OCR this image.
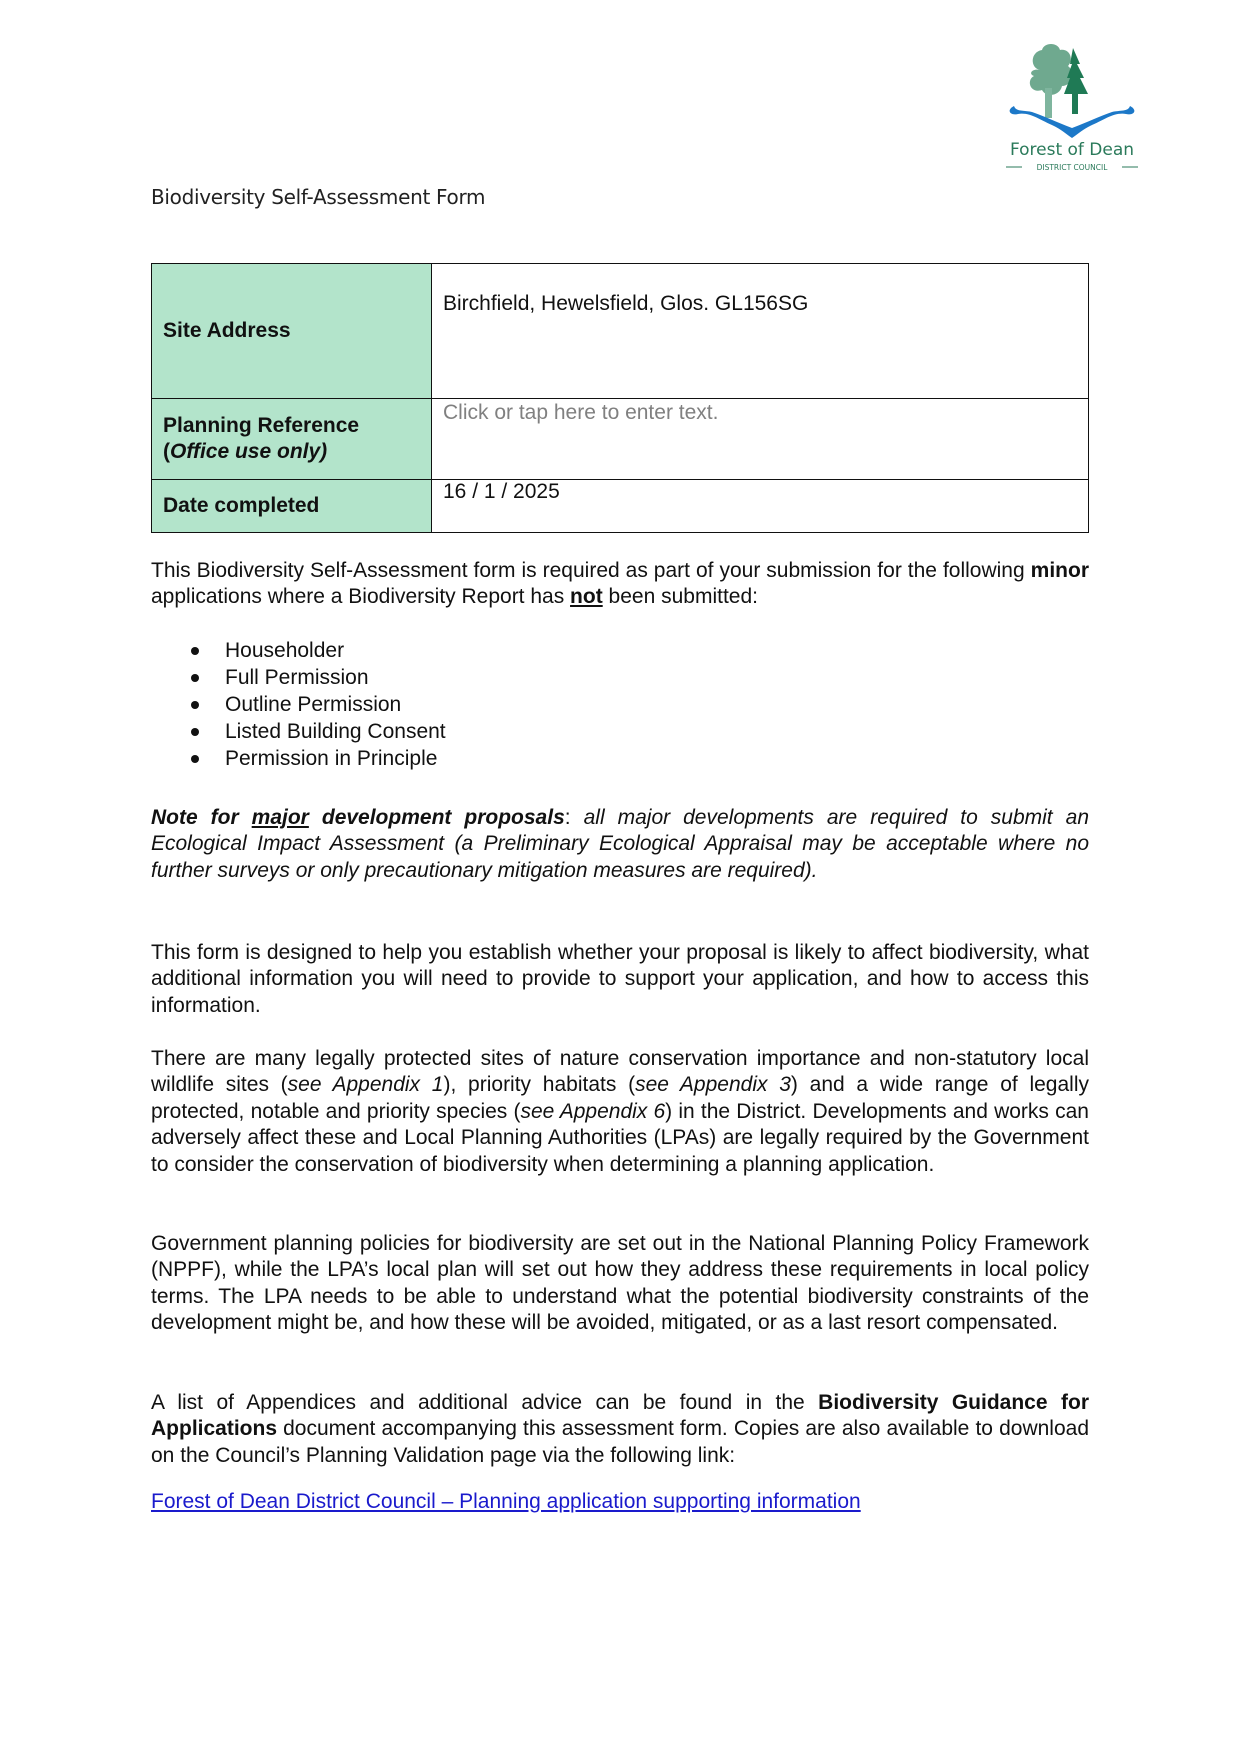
Forest of Dean
DISTRICT COUNCIL
Biodiversity Self-Assessment Form
Site Address	Birchfield, Hewelsfield, Glos. GL156SG
Planning Reference
(Office use only)	Click or tap here to enter text.
Date completed	16 / 1 / 2025
This Biodiversity Self-Assessment form is required as part of your submission for the following minor applications where a Biodiversity Report has not been submitted:
Householder
Full Permission
Outline Permission
Listed Building Consent
Permission in Principle
Note for major development proposals: all major developments are required to submit an Ecological Impact Assessment (a Preliminary Ecological Appraisal may be acceptable where no further surveys or only precautionary mitigation measures are required).
This form is designed to help you establish whether your proposal is likely to affect biodiversity, what additional information you will need to provide to support your application, and how to access this information.
There are many legally protected sites of nature conservation importance and non-statutory local wildlife sites (see Appendix 1), priority habitats (see Appendix 3) and a wide range of legally protected, notable and priority species (see Appendix 6) in the District. Developments and works can adversely affect these and Local Planning Authorities (LPAs) are legally required by the Government to consider the conservation of biodiversity when determining a planning application.
Government planning policies for biodiversity are set out in the National Planning Policy Framework (NPPF), while the LPA’s local plan will set out how they address these requirements in local policy terms. The LPA needs to be able to understand what the potential biodiversity constraints of the development might be, and how these will be avoided, mitigated, or as a last resort compensated.
A list of Appendices and additional advice can be found in the Biodiversity Guidance for Applications document accompanying this assessment form. Copies are also available to download on the Council’s Planning Validation page via the following link:
Forest of Dean District Council – Planning application supporting information
